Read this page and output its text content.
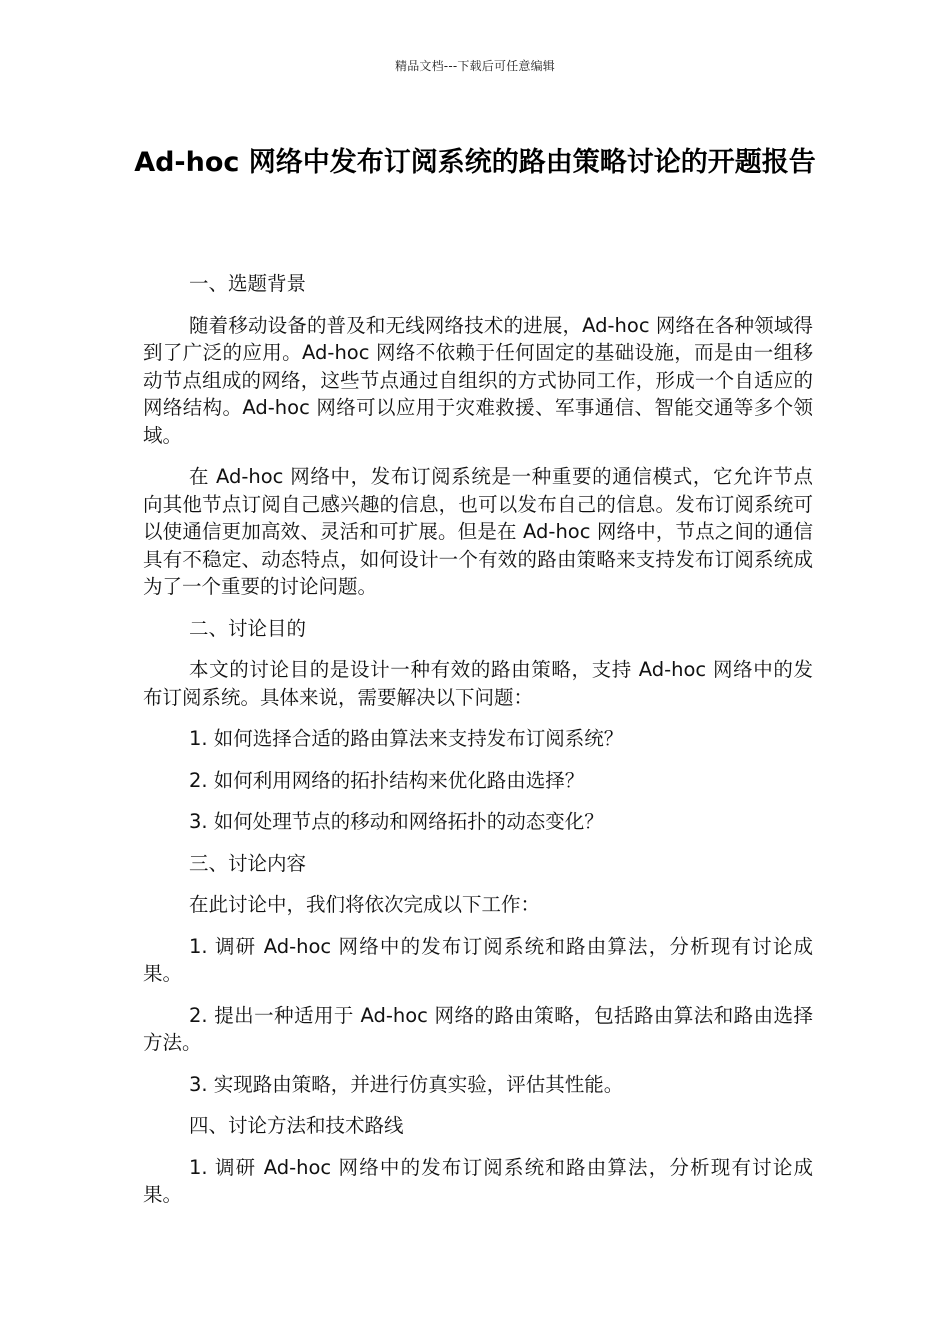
精品文档---下载后可任意编辑
Ad-hoc 网络中发布订阅系统的路由策略讨论的开题报告

一、选题背景

随着移动设备的普及和无线网络技术的进展，Ad-hoc 网络在各种领域得到了广泛的应用。Ad-hoc 网络不依赖于任何固定的基础设施，而是由一组移动节点组成的网络，这些节点通过自组织的方式协同工作，形成一个自适应的网络结构。Ad-hoc 网络可以应用于灾难救援、军事通信、智能交通等多个领域。

在 Ad-hoc 网络中，发布订阅系统是一种重要的通信模式，它允许节点向其他节点订阅自己感兴趣的信息，也可以发布自己的信息。发布订阅系统可以使通信更加高效、灵活和可扩展。但是在 Ad-hoc 网络中，节点之间的通信具有不稳定、动态特点，如何设计一个有效的路由策略来支持发布订阅系统成为了一个重要的讨论问题。

二、讨论目的

本文的讨论目的是设计一种有效的路由策略，支持 Ad-hoc 网络中的发布订阅系统。具体来说，需要解决以下问题：

1. 如何选择合适的路由算法来支持发布订阅系统？

2. 如何利用网络的拓扑结构来优化路由选择？

3. 如何处理节点的移动和网络拓扑的动态变化？

三、讨论内容

在此讨论中，我们将依次完成以下工作：

1. 调研 Ad-hoc 网络中的发布订阅系统和路由算法，分析现有讨论成果。

2. 提出一种适用于 Ad-hoc 网络的路由策略，包括路由算法和路由选择方法。

3. 实现路由策略，并进行仿真实验，评估其性能。

四、讨论方法和技术路线

1. 调研 Ad-hoc 网络中的发布订阅系统和路由算法，分析现有讨论成果。
